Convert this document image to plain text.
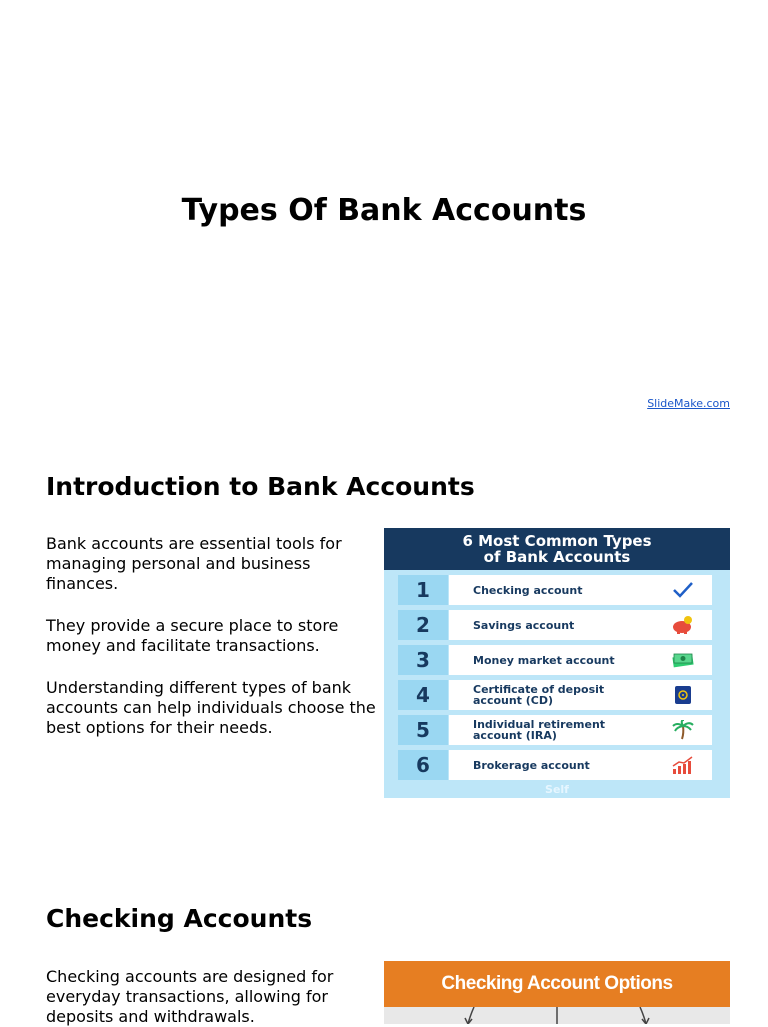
Types Of Bank Accounts
SlideMake.com
Introduction to Bank Accounts

Bank accounts are essential tools for managing personal and business finances.

They provide a secure place to store money and facilitate transactions.

Understanding different types of bank accounts can help individuals choose the best options for their needs.

6 Most Common Types
of Bank Accounts
1	Checking account
2	Savings account
3	Money market account
4	Certificate of deposit account (CD)
5	Individual retirement account (IRA)
6	Brokerage account
Self
Checking Accounts

Checking accounts are designed for everyday transactions, allowing for deposits and withdrawals.

Checking Account Options
